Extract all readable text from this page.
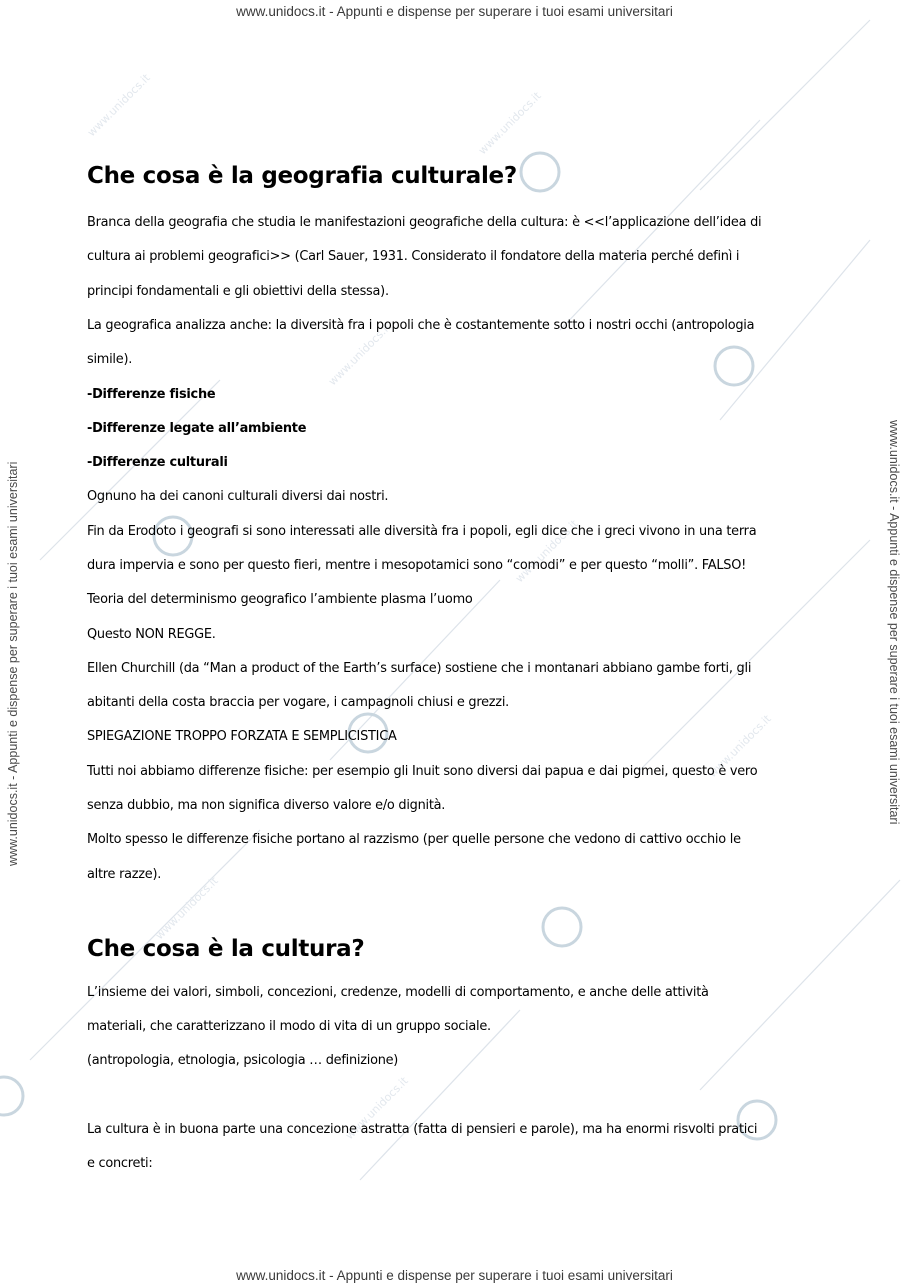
www.unidocs.it
www.unidocs.it
www.unidocs.it
www.unidocs.it
www.unidocs.it
www.unidocs.it
www.unidocs.it
www.unidocs.it - Appunti e dispense per superare i tuoi esami universitari
www.unidocs.it - Appunti e dispense per superare i tuoi esami universitari
www.unidocs.it - Appunti e dispense per superare i tuoi esami universitari	www.unidocs.it - Appunti e dispense per superare i tuoi esami universitari
Che cosa è la geografia culturale?

Branca della geografia che studia le manifestazioni geografiche della cultura: è <<l’applicazione dell’idea di

cultura ai problemi geografici>> (Carl Sauer, 1931. Considerato il fondatore della materia perché definì i

principi fondamentali e gli obiettivi della stessa).

La geografica analizza anche: la diversità fra i popoli che è costantemente sotto i nostri occhi (antropologia

simile).

-Differenze fisiche

-Differenze legate all’ambiente

-Differenze culturali

Ognuno ha dei canoni culturali diversi dai nostri.

Fin da Erodoto i geografi si sono interessati alle diversità fra i popoli, egli dice che i greci vivono in una terra

dura impervia e sono per questo fieri, mentre i mesopotamici sono “comodi” e per questo “molli”. FALSO!

Teoria del determinismo geografico l’ambiente plasma l’uomo

Questo NON REGGE.

Ellen Churchill (da “Man a product of the Earth’s surface) sostiene che i montanari abbiano gambe forti, gli

abitanti della costa braccia per vogare, i campagnoli chiusi e grezzi.

SPIEGAZIONE TROPPO FORZATA E SEMPLICISTICA

Tutti noi abbiamo differenze fisiche: per esempio gli Inuit sono diversi dai papua e dai pigmei, questo è vero

senza dubbio, ma non significa diverso valore e/o dignità.

Molto spesso le differenze fisiche portano al razzismo (per quelle persone che vedono di cattivo occhio le

altre razze).

Che cosa è la cultura?

L’insieme dei valori, simboli, concezioni, credenze, modelli di comportamento, e anche delle attività

materiali, che caratterizzano il modo di vita di un gruppo sociale.

(antropologia, etnologia, psicologia … definizione)

La cultura è in buona parte una concezione astratta (fatta di pensieri e parole), ma ha enormi risvolti pratici

e concreti:
